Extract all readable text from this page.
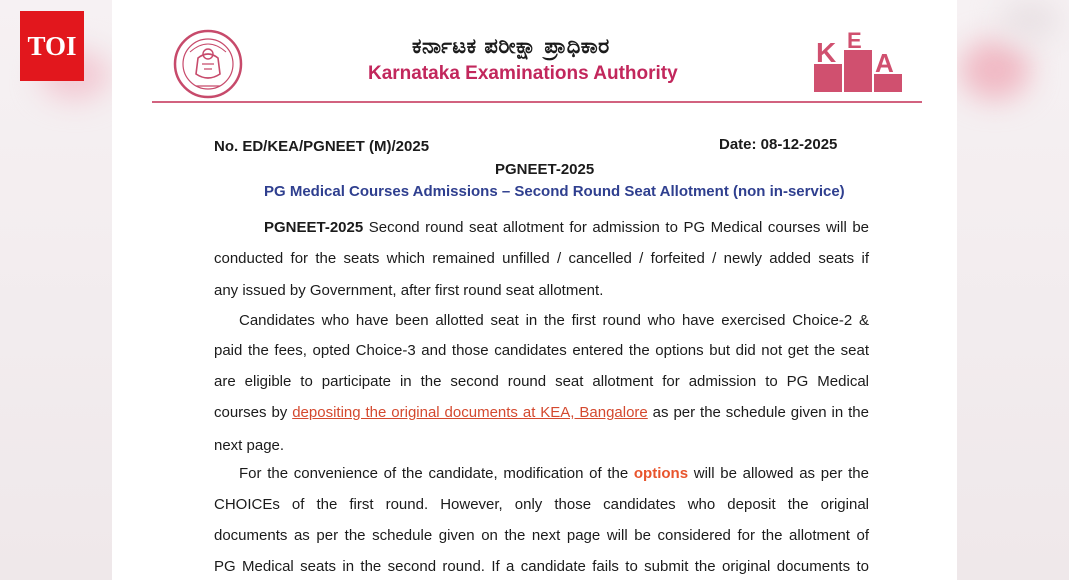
TOI	ಕರ್ನಾಟಕ ಪರೀಕ್ಷಾ ಪ್ರಾಧಿಕಾರ
Karnataka Examinations Authority
K E
A
No. ED/KEA/PGNEET (M)/2025	Date: 08-12-2025
PGNEET-2025
PG Medical Courses Admissions – Second Round Seat Allotment (non in-service)
PGNEET-2025 Second round seat allotment for admission to PG Medical courses will be
conducted for the seats which remained unfilled / cancelled / forfeited / newly added seats if
any issued by Government, after first round seat allotment.
Candidates who have been allotted seat in the first round who have exercised Choice-2 &
paid the fees, opted Choice-3 and those candidates entered the options but did not get the seat
are eligible to participate in the second round seat allotment for admission to PG Medical
courses by depositing the original documents at KEA, Bangalore as per the schedule given in the
next page.
For the convenience of the candidate, modification of the options will be allowed as per the
CHOICEs of the first round. However, only those candidates who deposit the original
documents as per the schedule given on the next page will be considered for the allotment of
PG Medical seats in the second round. If a candidate fails to submit the original documents to
